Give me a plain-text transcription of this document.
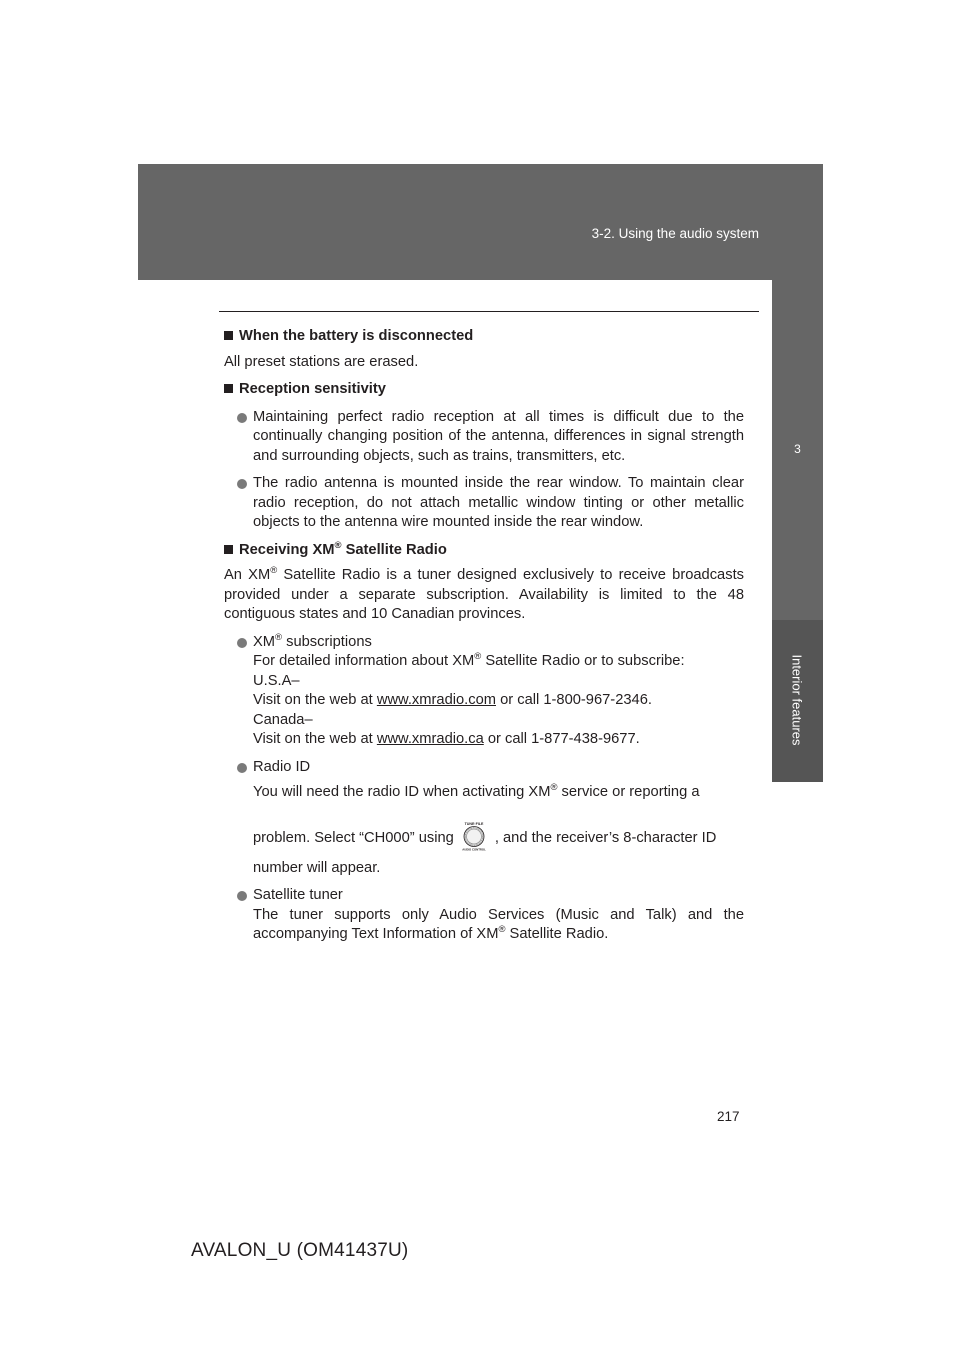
3-2. Using the audio system
3
Interior features

When the battery is disconnected

All preset stations are erased.

Reception sensitivity

Maintaining perfect radio reception at all times is difficult due to the continually changing position of the antenna, differences in signal strength and surrounding objects, such as trains, transmitters, etc.

The radio antenna is mounted inside the rear window. To maintain clear radio reception, do not attach metallic window tinting or other metallic objects to the antenna wire mounted inside the rear window.

Receiving XM® Satellite Radio

An XM® Satellite Radio is a tuner designed exclusively to receive broadcasts provided under a separate subscription. Availability is limited to the 48 contiguous states and 10 Canadian provinces.

XM® subscriptions

For detailed information about XM® Satellite Radio or to subscribe:

U.S.A–

Visit on the web at www.xmradio.com or call 1-800-967-2346.

Canada–

Visit on the web at www.xmradio.ca or call 1-877-438-9677.

Radio ID

You will need the radio ID when activating XM® service or reporting a

problem. Select “CH000” using
TUNE·FILE
AUDIO CONTROL
, and the receiver’s 8-character ID

number will appear.

Satellite tuner

The tuner supports only Audio Services (Music and Talk) and the accompanying Text Information of XM® Satellite Radio.

217
AVALON_U (OM41437U)
